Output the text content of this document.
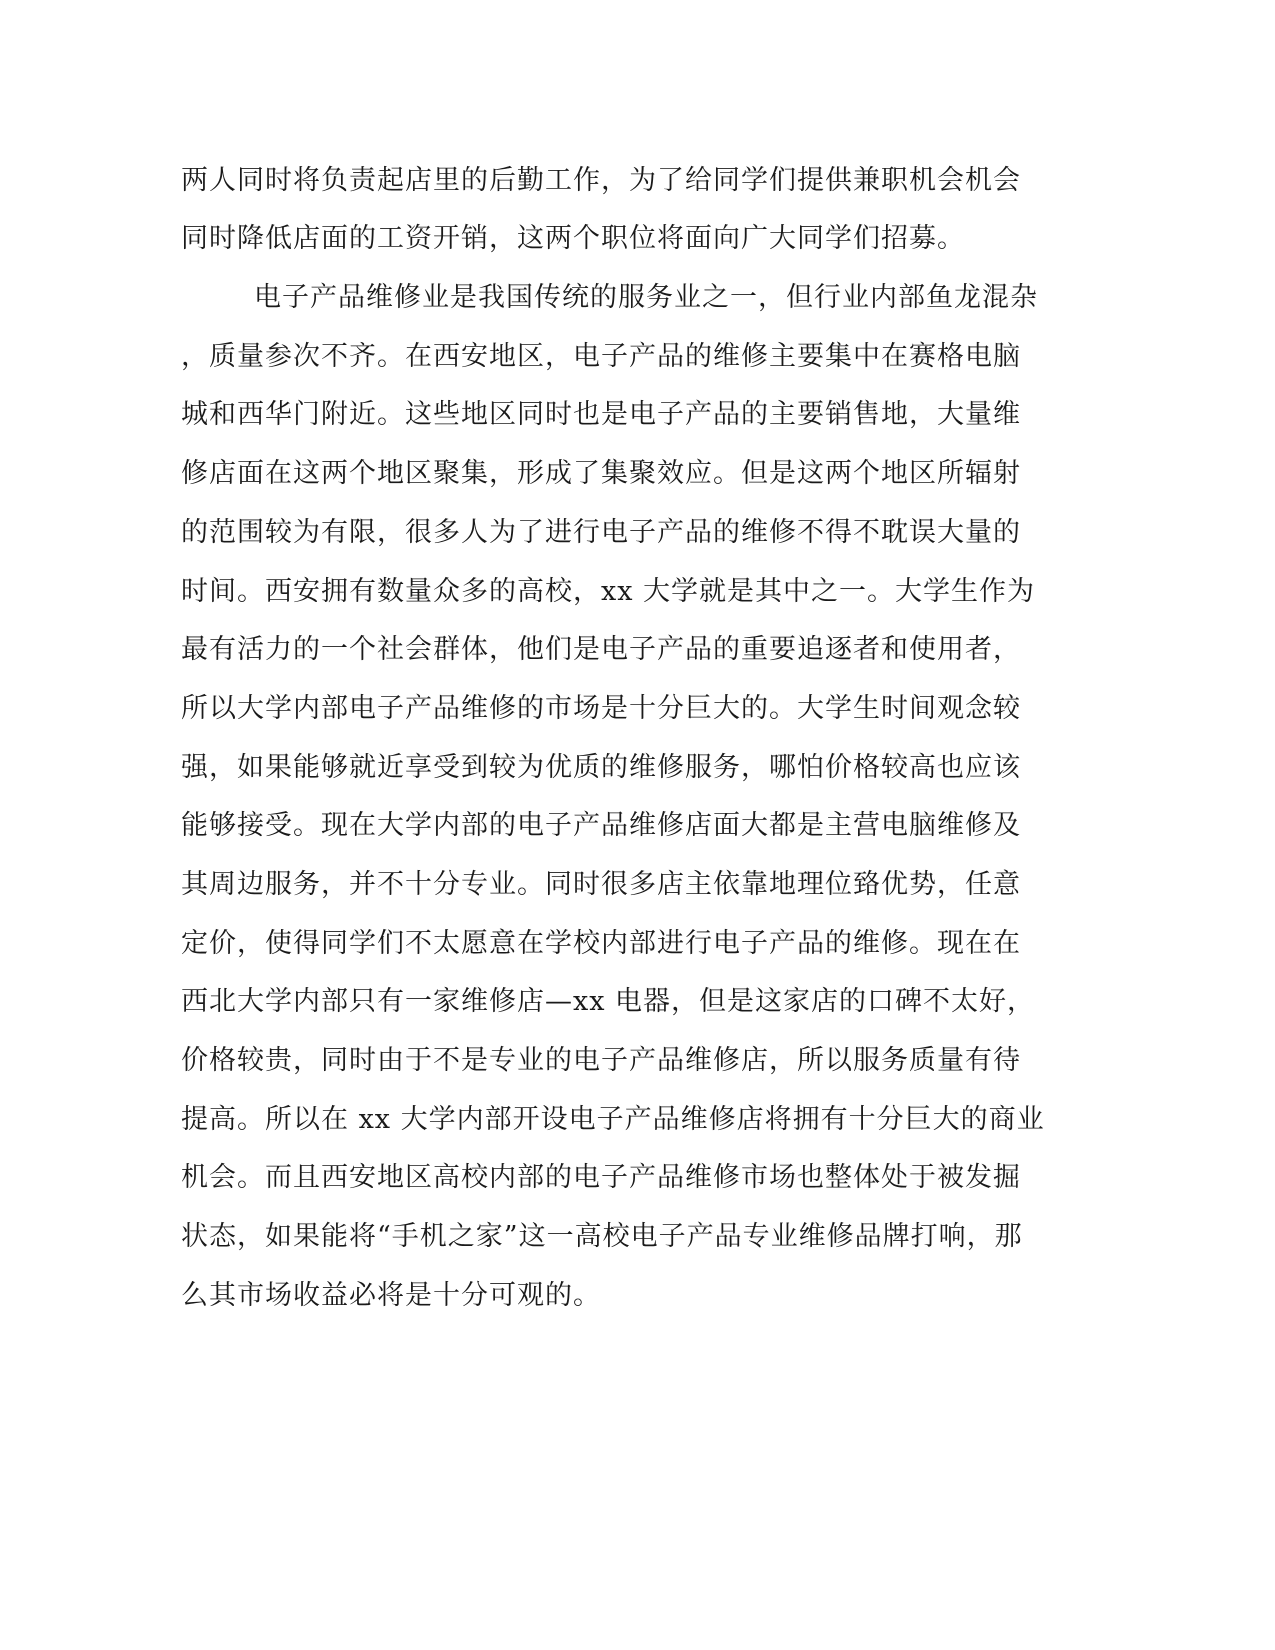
两人同时将负责起店里的后勤工作，为了给同学们提供兼职机会机会
同时降低店面的工资开销，这两个职位将面向广大同学们招募。
电子产品维修业是我国传统的服务业之一，但行业内部鱼龙混杂
，质量参次不齐。在西安地区，电子产品的维修主要集中在赛格电脑
城和西华门附近。这些地区同时也是电子产品的主要销售地，大量维
修店面在这两个地区聚集，形成了集聚效应。但是这两个地区所辐射
的范围较为有限，很多人为了进行电子产品的维修不得不耽误大量的
时间。西安拥有数量众多的高校，xx 大学就是其中之一。大学生作为
最有活力的一个社会群体，他们是电子产品的重要追逐者和使用者，
所以大学内部电子产品维修的市场是十分巨大的。大学生时间观念较
强，如果能够就近享受到较为优质的维修服务，哪怕价格较高也应该
能够接受。现在大学内部的电子产品维修店面大都是主营电脑维修及
其周边服务，并不十分专业。同时很多店主依靠地理位臵优势，任意
定价，使得同学们不太愿意在学校内部进行电子产品的维修。现在在
西北大学内部只有一家维修店—xx 电器，但是这家店的口碑不太好，
价格较贵，同时由于不是专业的电子产品维修店，所以服务质量有待
提高。所以在 xx 大学内部开设电子产品维修店将拥有十分巨大的商业
机会。而且西安地区高校内部的电子产品维修市场也整体处于被发掘
状态，如果能将“手机之家”这一高校电子产品专业维修品牌打响，那
么其市场收益必将是十分可观的。
